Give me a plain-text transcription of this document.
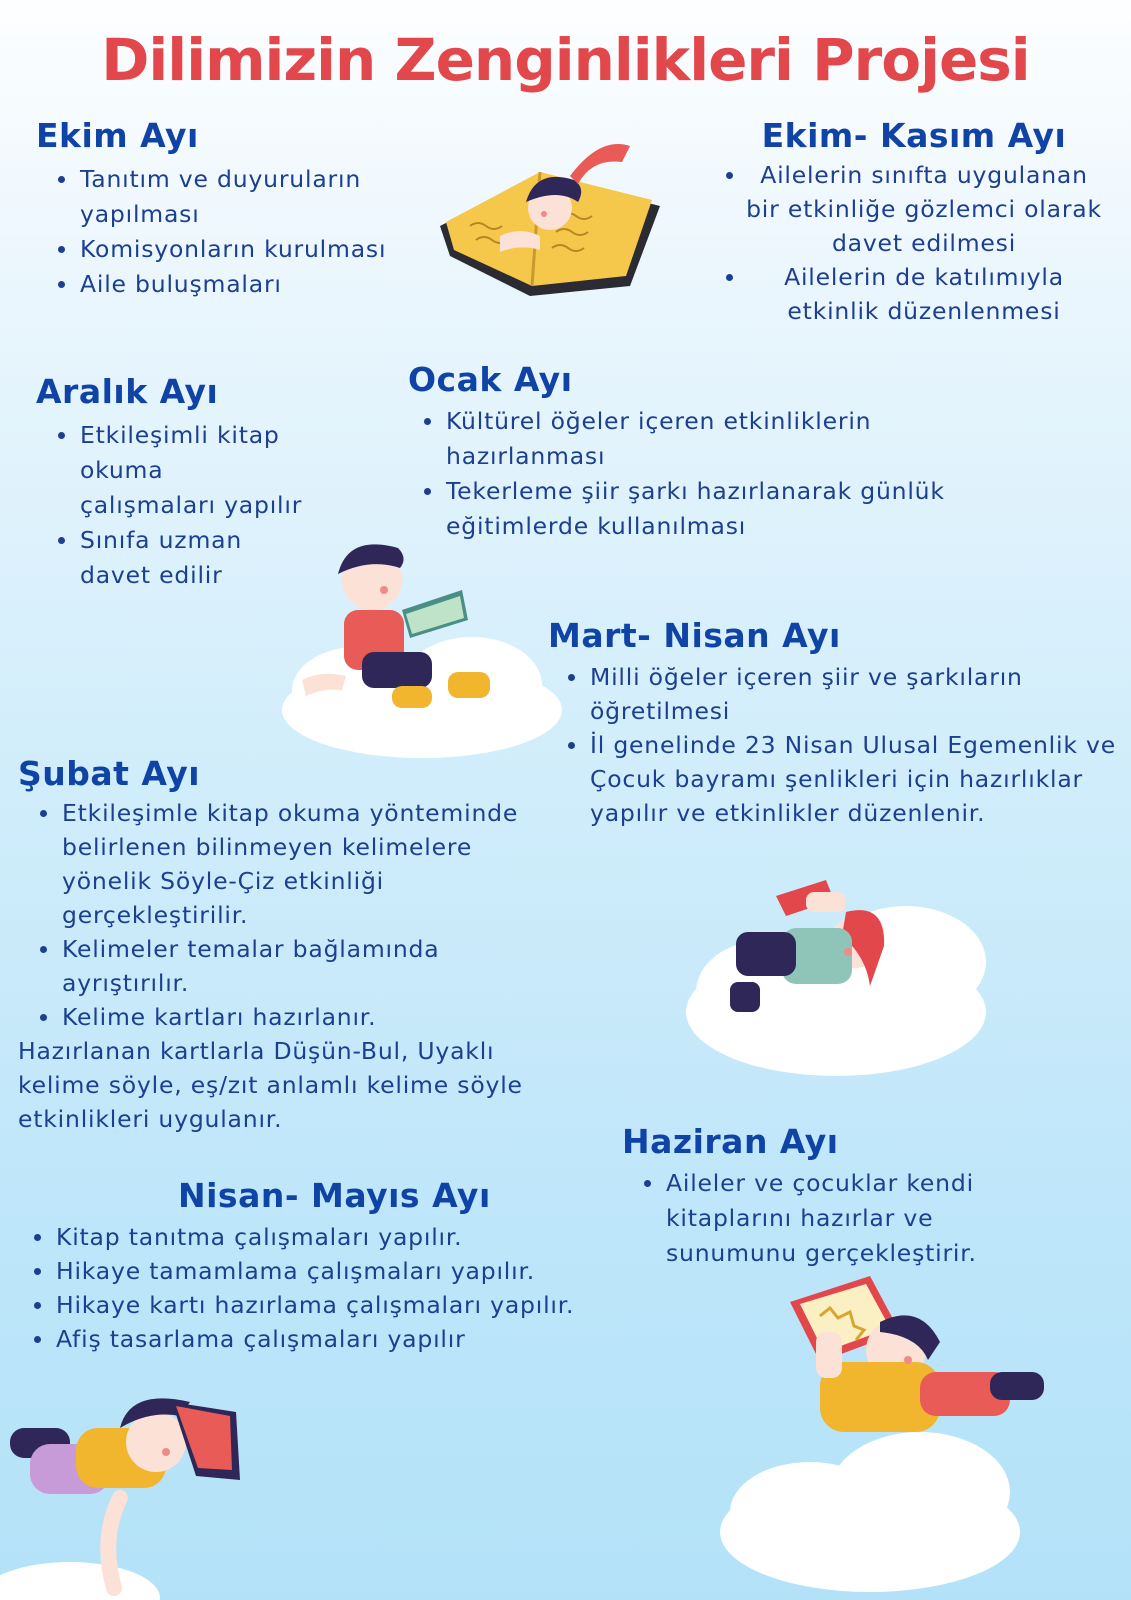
Dilimizin Zenginlikleri Projesi
Ekim Ayı
Tanıtım ve duyuruların yapılması
Komisyonların kurulması
Aile buluşmaları
Ekim- Kasım Ayı
Ailelerin sınıfta uygulanan bir etkinliğe gözlemci olarak davet edilmesi
Ailelerin de katılımıyla etkinlik düzenlenmesi
Aralık Ayı
Etkileşimli kitap okuma çalışmaları yapılır
Sınıfa uzman davet edilir
Ocak Ayı
Kültürel öğeler içeren etkinliklerin hazırlanması
Tekerleme şiir şarkı hazırlanarak günlük eğitimlerde kullanılması
Mart- Nisan Ayı
Milli öğeler içeren şiir ve şarkıların öğretilmesi
İl genelinde 23 Nisan Ulusal Egemenlik ve Çocuk bayramı şenlikleri için hazırlıklar yapılır ve etkinlikler düzenlenir.
Şubat Ayı
Etkileşimle kitap okuma yönteminde belirlenen bilinmeyen kelimelere yönelik Söyle-Çiz etkinliği gerçekleştirilir.
Kelimeler temalar bağlamında ayrıştırılır.
Kelime kartları hazırlanır.

Hazırlanan kartlarla Düşün-Bul, Uyaklı kelime söyle, eş/zıt anlamlı kelime söyle etkinlikleri uygulanır.

Haziran Ayı
Aileler ve çocuklar kendi kitaplarını hazırlar ve sunumunu gerçekleştirir.
Nisan- Mayıs Ayı
Kitap tanıtma çalışmaları yapılır.
Hikaye tamamlama çalışmaları yapılır.
Hikaye kartı hazırlama çalışmaları yapılır.
Afiş tasarlama çalışmaları yapılır
